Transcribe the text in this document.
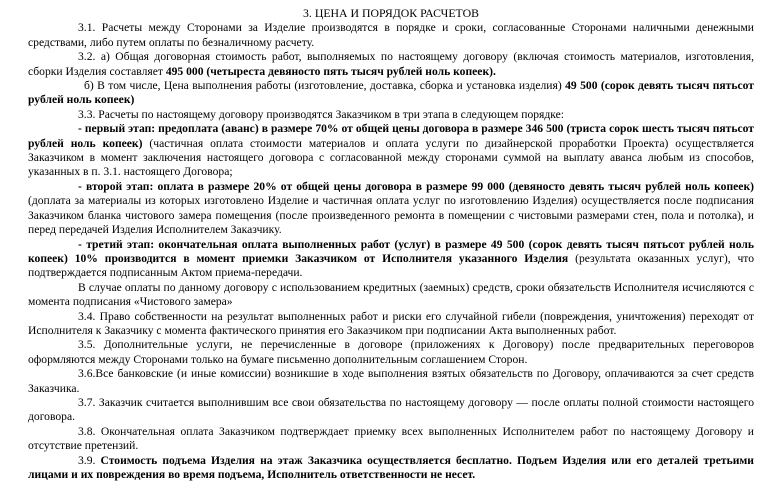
3. ЦЕНА И ПОРЯДОК РАСЧЕТОВ

3.1. Расчеты между Сторонами за Изделие производятся в порядке и сроки, согласованные Сторонами наличными денежными средствами, либо путем оплаты по безналичному расчету.

3.2. а) Общая договорная стоимость работ, выполняемых по настоящему договору (включая стоимость материалов, изготовления, сборки Изделия составляет 495 000 (четыреста девяносто пять тысяч рублей ноль копеек).

б) В том числе, Цена выполнения работы (изготовление, доставка, сборка и установка изделия) 49 500 (сорок девять тысяч пятьсот рублей ноль копеек)

3.3. Расчеты по настоящему договору производятся Заказчиком в три этапа в следующем порядке:

- первый этап: предоплата (аванс) в размере 70% от общей цены договора в размере 346 500 (триста сорок шесть тысяч пятьсот рублей ноль копеек) (частичная оплата стоимости материалов и оплата услуги по дизайнерской проработки Проекта) осуществляется Заказчиком в момент заключения настоящего договора с согласованной между сторонами суммой на выплату аванса любым из способов, указанных в п. 3.1. настоящего Договора;

- второй этап: оплата в размере 20% от общей цены договора в размере 99 000 (девяносто девять тысяч рублей ноль копеек) (доплата за материалы из которых изготовлено Изделие и частичная оплата услуг по изготовлению Изделия) осуществляется после подписания Заказчиком бланка чистового замера помещения (после произведенного ремонта в помещении с чистовыми размерами стен, пола и потолка), и перед передачей Изделия Исполнителем Заказчику.

- третий этап: окончательная оплата выполненных работ (услуг) в размере 49 500 (сорок девять тысяч пятьсот рублей ноль копеек) 10% производится в момент приемки Заказчиком от Исполнителя указанного Изделия (результата оказанных услуг), что подтверждается подписанным Актом приема-передачи.

В случае оплаты по данному договору с использованием кредитных (заемных) средств, сроки обязательств Исполнителя исчисляются с момента подписания «Чистового замера»

3.4. Право собственности на результат выполненных работ и риски его случайной гибели (повреждения, уничтожения) переходят от Исполнителя к Заказчику с момента фактического принятия его Заказчиком при подписании Акта выполненных работ.

3.5. Дополнительные услуги, не перечисленные в договоре (приложениях к Договору) после предварительных переговоров оформляются между Сторонами только на бумаге письменно дополнительным соглашением Сторон.

3.6.Все банковские (и иные комиссии) возникшие в ходе выполнения взятых обязательств по Договору, оплачиваются за счет средств Заказчика.

3.7. Заказчик считается выполнившим все свои обязательства по настоящему договору — после оплаты полной стоимости настоящего договора.

3.8. Окончательная оплата Заказчиком подтверждает приемку всех выполненных Исполнителем работ по настоящему Договору и отсутствие претензий.

3.9. Стоимость подъема Изделия на этаж Заказчика осуществляется бесплатно. Подъем Изделия или его деталей третьими лицами и их повреждения во время подъема, Исполнитель ответственности не несет.
